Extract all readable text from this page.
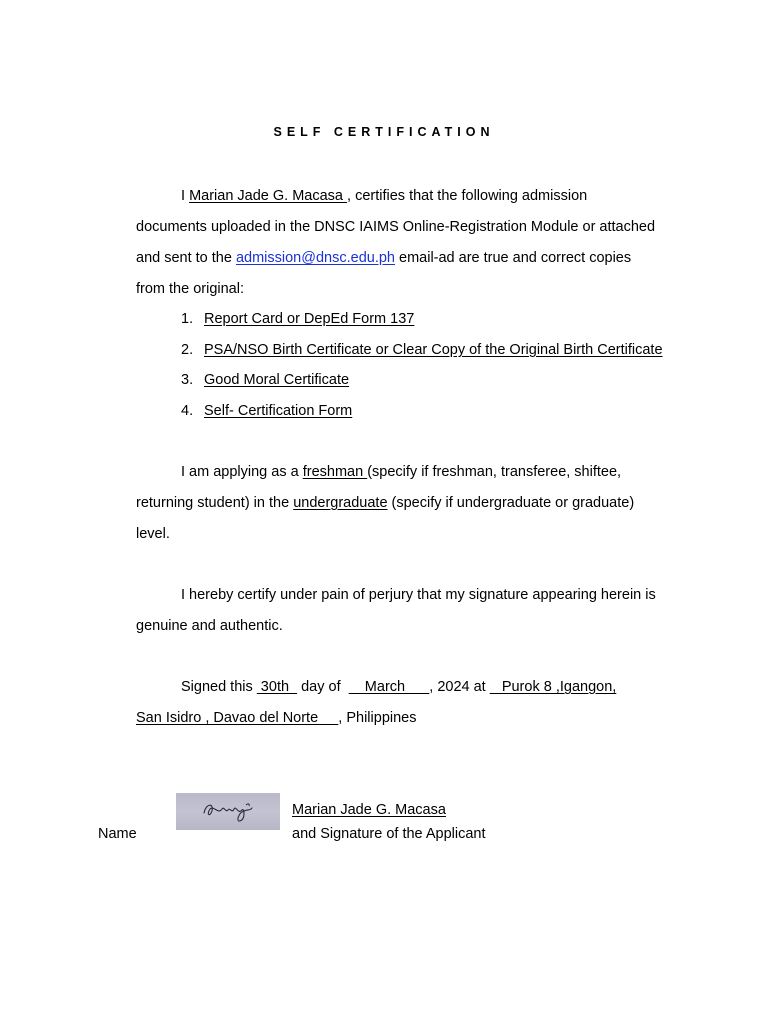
SELF CERTIFICATION
I Marian Jade G. Macasa , certifies that the following admission
documents uploaded in the DNSC IAIMS Online-Registration Module or attached
and sent to the admission@dnsc.edu.ph email-ad are true and correct copies
from the original:
1. Report Card or DepEd Form 137
2. PSA/NSO Birth Certificate or Clear Copy of the Original Birth Certificate
3. Good Moral Certificate
4. Self- Certification Form
I am applying as a freshman (specify if freshman, transferee, shiftee,
returning student) in the undergraduate (specify if undergraduate or graduate)
level.
I hereby certify under pain of perjury that my signature appearing herein is
genuine and authentic.
Signed this  30th   day of      March      , 2024 at    Purok 8 ,Igangon,
San Isidro , Davao del Norte     , Philippines
Marian Jade G. Macasa
Name	and Signature of the Applicant
